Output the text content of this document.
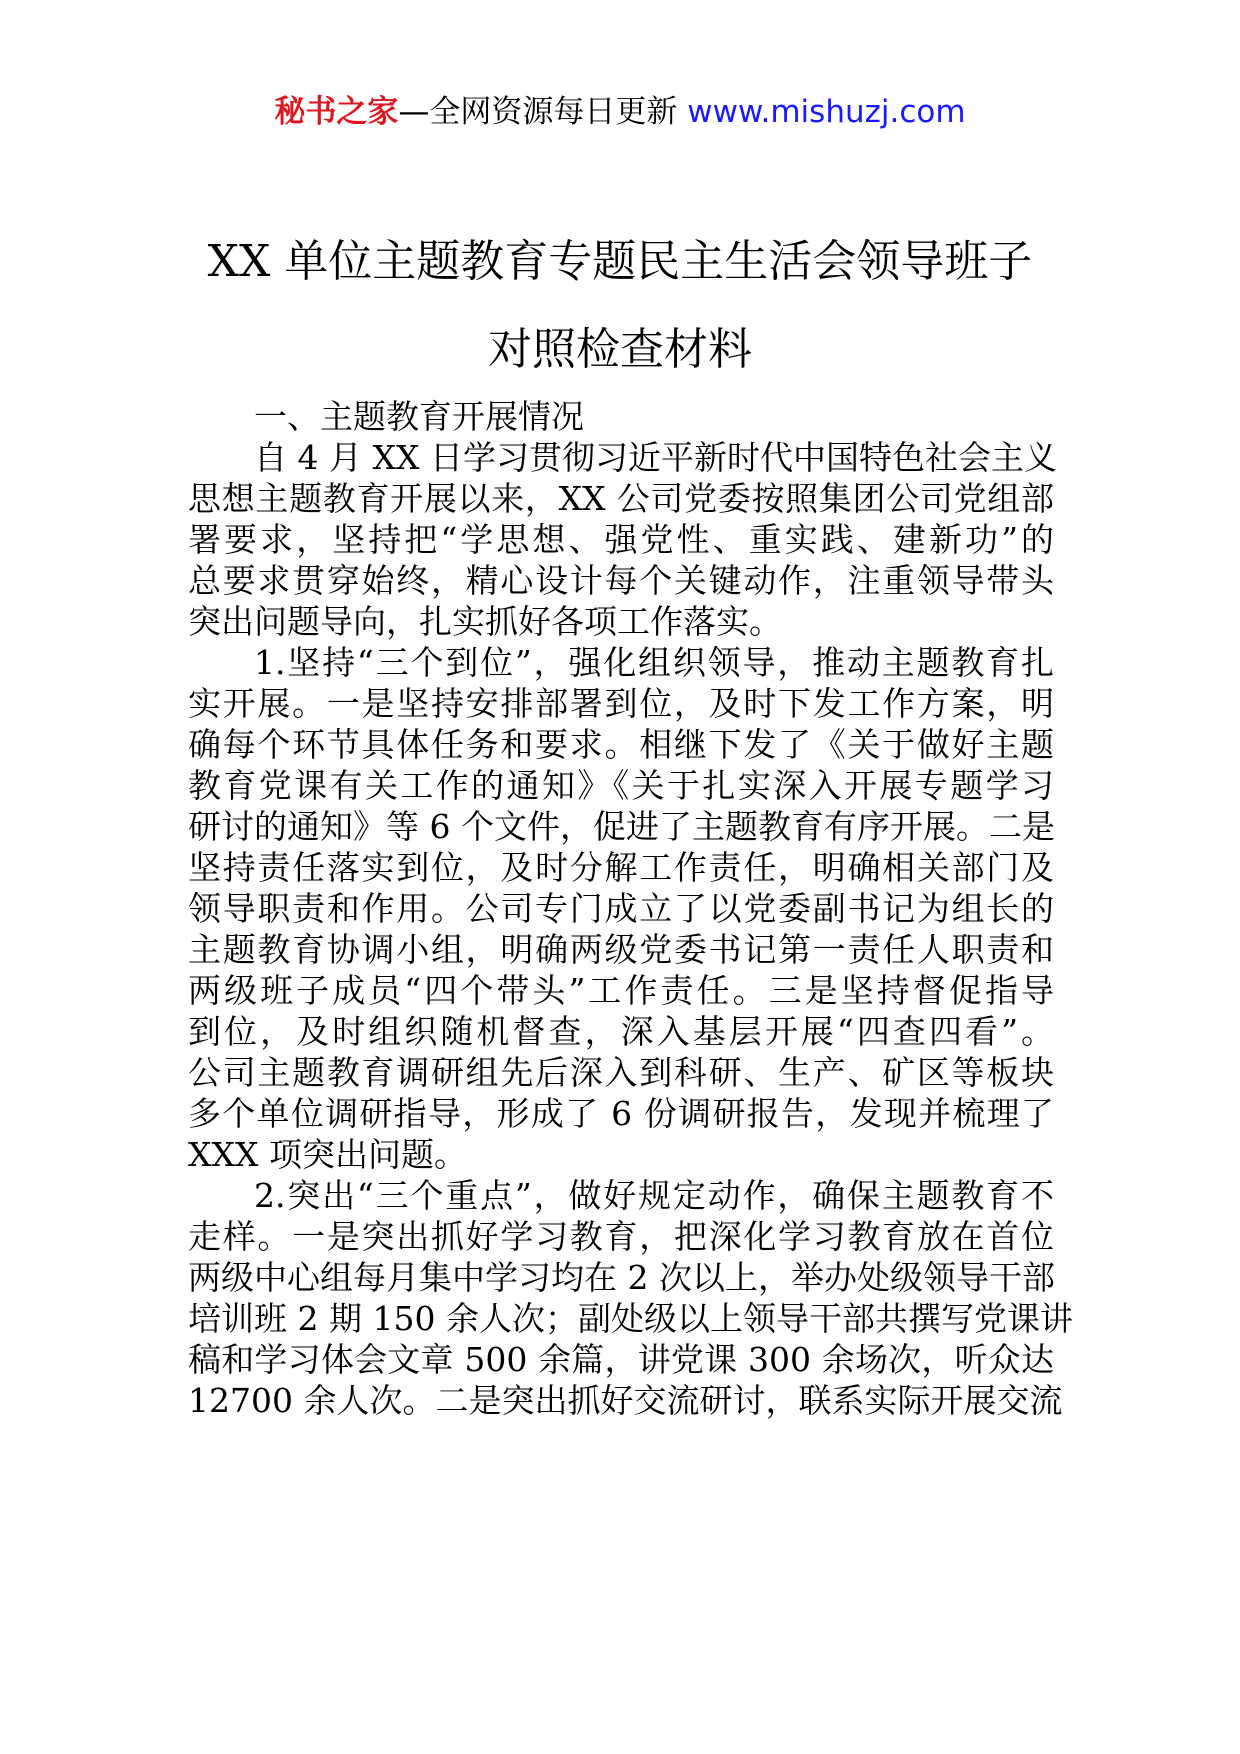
秘书之家—全网资源每日更新 www.mishuzj.com
XX 单位主题教育专题民主生活会领导班子
对照检查材料
一、主题教育开展情况
自 4 月 XX 日学习贯彻习近平新时代中国特色社会主义
思想主题教育开展以来，XX 公司党委按照集团公司党组部
署要求，坚持把“学思想、强党性、重实践、建新功”的
总要求贯穿始终，精心设计每个关键动作，注重领导带头
突出问题导向，扎实抓好各项工作落实。
1.坚持“三个到位”，强化组织领导，推动主题教育扎
实开展。一是坚持安排部署到位，及时下发工作方案，明
确每个环节具体任务和要求。相继下发了《关于做好主题
教育党课有关工作的通知》《关于扎实深入开展专题学习
研讨的通知》等 6 个文件，促进了主题教育有序开展。二是
坚持责任落实到位，及时分解工作责任，明确相关部门及
领导职责和作用。公司专门成立了以党委副书记为组长的
主题教育协调小组，明确两级党委书记第一责任人职责和
两级班子成员“四个带头”工作责任。三是坚持督促指导
到位，及时组织随机督查，深入基层开展“四查四看”。
公司主题教育调研组先后深入到科研、生产、矿区等板块
多个单位调研指导，形成了 6 份调研报告，发现并梳理了
XXX 项突出问题。
2.突出“三个重点”，做好规定动作，确保主题教育不
走样。一是突出抓好学习教育，把深化学习教育放在首位
两级中心组每月集中学习均在 2 次以上，举办处级领导干部
培训班 2 期 150 余人次；副处级以上领导干部共撰写党课讲
稿和学习体会文章 500 余篇，讲党课 300 余场次，听众达
12700 余人次。二是突出抓好交流研讨，联系实际开展交流
